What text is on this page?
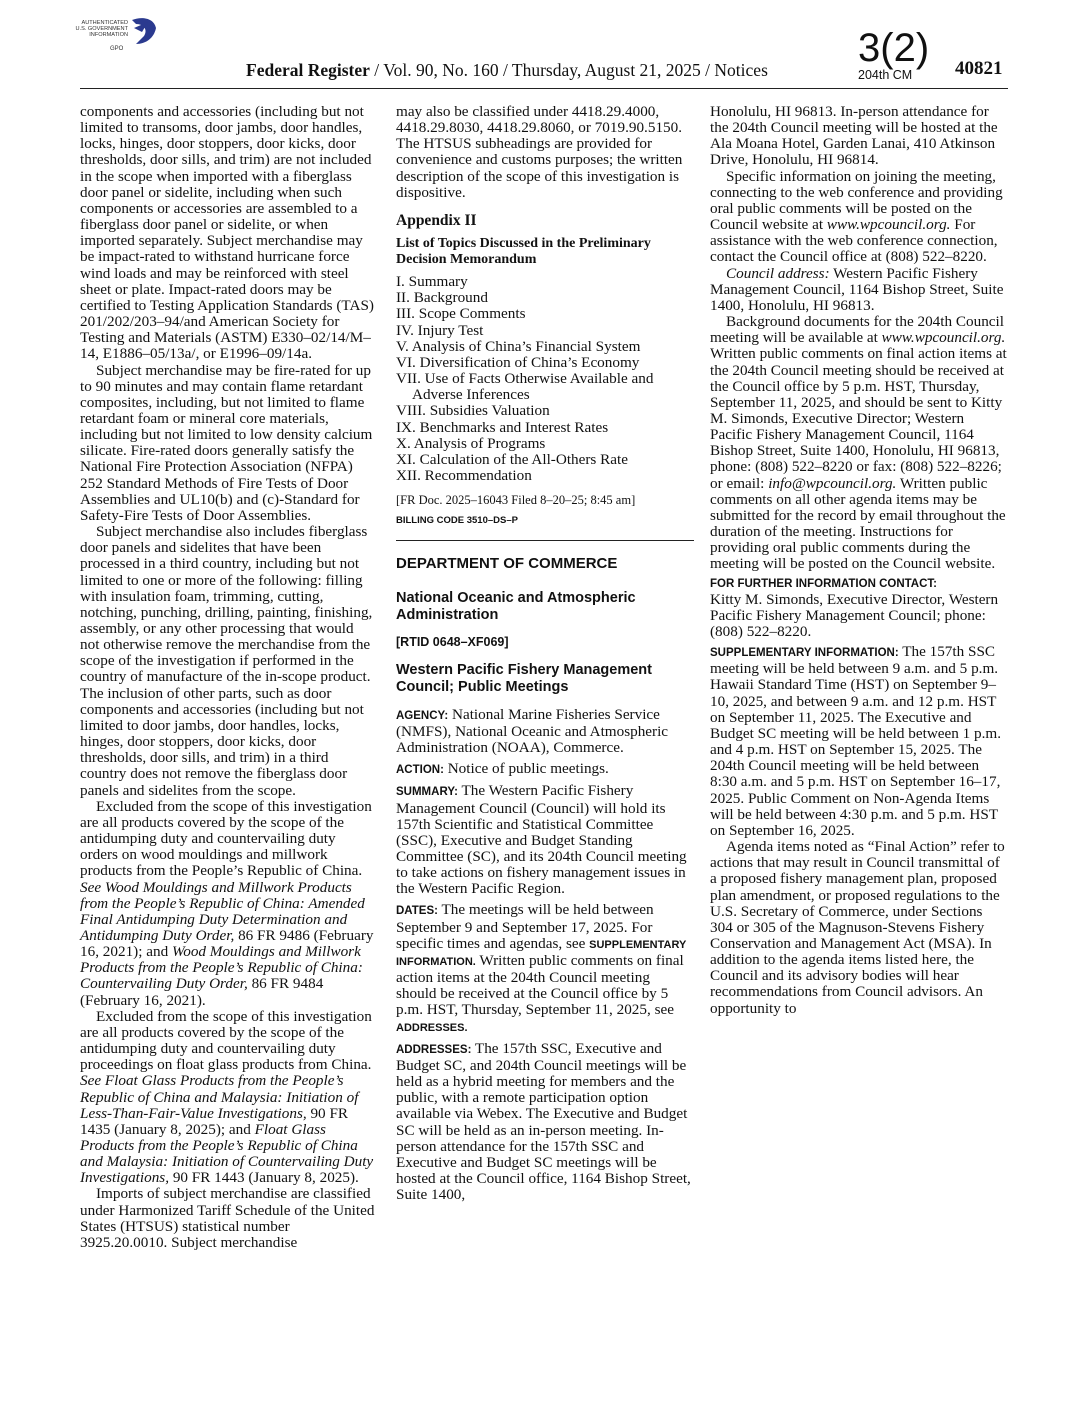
AUTHENTICATED U.S. GOVERNMENT INFORMATION
GPO
Federal Register / Vol. 90, No. 160 / Thursday, August 21, 2025 / Notices 3(2)
204th CM 40821

components and accessories (including but not limited to transoms, door jambs, door handles, locks, hinges, door stoppers, door kicks, door thresholds, door sills, and trim) are not included in the scope when imported with a fiberglass door panel or sidelite, including when such components or accessories are assembled to a fiberglass door panel or sidelite, or when imported separately. Subject merchandise may be impact-rated to withstand hurricane force wind loads and may be reinforced with steel sheet or plate. Impact-rated doors may be certified to Testing Application Standards (TAS) 201/202/203–94/and American Society for Testing and Materials (ASTM) E330–02/14/M–14, E1886–05/13a/, or E1996–09/14a.

Subject merchandise may be fire-rated for up to 90 minutes and may contain flame retardant composites, including, but not limited to flame retardant foam or mineral core materials, including but not limited to low density calcium silicate. Fire-rated doors generally satisfy the National Fire Protection Association (NFPA) 252 Standard Methods of Fire Tests of Door Assemblies and UL10(b) and (c)-Standard for Safety-Fire Tests of Door Assemblies.

Subject merchandise also includes fiberglass door panels and sidelites that have been processed in a third country, including but not limited to one or more of the following: filling with insulation foam, trimming, cutting, notching, punching, drilling, painting, finishing, assembly, or any other processing that would not otherwise remove the merchandise from the scope of the investigation if performed in the country of manufacture of the in-scope product. The inclusion of other parts, such as door components and accessories (including but not limited to door jambs, door handles, locks, hinges, door stoppers, door kicks, door thresholds, door sills, and trim) in a third country does not remove the fiberglass door panels and sidelites from the scope.

Excluded from the scope of this investigation are all products covered by the scope of the antidumping duty and countervailing duty orders on wood mouldings and millwork products from the People’s Republic of China. See Wood Mouldings and Millwork Products from the People’s Republic of China: Amended Final Antidumping Duty Determination and Antidumping Duty Order, 86 FR 9486 (February 16, 2021); and Wood Mouldings and Millwork Products from the People’s Republic of China: Countervailing Duty Order, 86 FR 9484 (February 16, 2021).

Excluded from the scope of this investigation are all products covered by the scope of the antidumping duty and countervailing duty proceedings on float glass products from China. See Float Glass Products from the People’s Republic of China and Malaysia: Initiation of Less-Than-Fair-Value Investigations, 90 FR 1435 (January 8, 2025); and Float Glass Products from the People’s Republic of China and Malaysia: Initiation of Countervailing Duty Investigations, 90 FR 1443 (January 8, 2025).

Imports of subject merchandise are classified under Harmonized Tariff Schedule of the United States (HTSUS) statistical number 3925.20.0010. Subject merchandise

may also be classified under 4418.29.4000, 4418.29.8030, 4418.29.8060, or 7019.90.5150. The HTSUS subheadings are provided for convenience and customs purposes; the written description of the scope of this investigation is dispositive.

Appendix II
List of Topics Discussed in the Preliminary Decision Memorandum
I. Summary
II. Background
III. Scope Comments
IV. Injury Test
V. Analysis of China’s Financial System
VI. Diversification of China’s Economy
VII. Use of Facts Otherwise Available and
Adverse Inferences
VIII. Subsidies Valuation
IX. Benchmarks and Interest Rates
X. Analysis of Programs
XI. Calculation of the All-Others Rate
XII. Recommendation
[FR Doc. 2025–16043 Filed 8–20–25; 8:45 am]
BILLING CODE 3510–DS–P
DEPARTMENT OF COMMERCE
National Oceanic and Atmospheric Administration
[RTID 0648–XF069]
Western Pacific Fishery Management Council; Public Meetings

AGENCY: National Marine Fisheries Service (NMFS), National Oceanic and Atmospheric Administration (NOAA), Commerce.

ACTION: Notice of public meetings.

SUMMARY: The Western Pacific Fishery Management Council (Council) will hold its 157th Scientific and Statistical Committee (SSC), Executive and Budget Standing Committee (SC), and its 204th Council meeting to take actions on fishery management issues in the Western Pacific Region.

DATES: The meetings will be held between September 9 and September 17, 2025. For specific times and agendas, see SUPPLEMENTARY INFORMATION. Written public comments on final action items at the 204th Council meeting should be received at the Council office by 5 p.m. HST, Thursday, September 11, 2025, see ADDRESSES.

ADDRESSES: The 157th SSC, Executive and Budget SC, and 204th Council meetings will be held as a hybrid meeting for members and the public, with a remote participation option available via Webex. The Executive and Budget SC will be held as an in-person meeting. In-person attendance for the 157th SSC and Executive and Budget SC meetings will be hosted at the Council office, 1164 Bishop Street, Suite 1400,

Honolulu, HI 96813. In-person attendance for the 204th Council meeting will be hosted at the Ala Moana Hotel, Garden Lanai, 410 Atkinson Drive, Honolulu, HI 96814.

Specific information on joining the meeting, connecting to the web conference and providing oral public comments will be posted on the Council website at www.wpcouncil.org. For assistance with the web conference connection, contact the Council office at (808) 522–8220.

Council address: Western Pacific Fishery Management Council, 1164 Bishop Street, Suite 1400, Honolulu, HI 96813.

Background documents for the 204th Council meeting will be available at www.wpcouncil.org. Written public comments on final action items at the 204th Council meeting should be received at the Council office by 5 p.m. HST, Thursday, September 11, 2025, and should be sent to Kitty M. Simonds, Executive Director; Western Pacific Fishery Management Council, 1164 Bishop Street, Suite 1400, Honolulu, HI 96813, phone: (808) 522–8220 or fax: (808) 522–8226; or email: info@wpcouncil.org. Written public comments on all other agenda items may be submitted for the record by email throughout the duration of the meeting. Instructions for providing oral public comments during the meeting will be posted on the Council website.

FOR FURTHER INFORMATION CONTACT:
Kitty M. Simonds, Executive Director, Western Pacific Fishery Management Council; phone: (808) 522–8220.

SUPPLEMENTARY INFORMATION: The 157th SSC meeting will be held between 9 a.m. and 5 p.m. Hawaii Standard Time (HST) on September 9–10, 2025, and between 9 a.m. and 12 p.m. HST on September 11, 2025. The Executive and Budget SC meeting will be held between 1 p.m. and 4 p.m. HST on September 15, 2025. The 204th Council meeting will be held between 8:30 a.m. and 5 p.m. HST on September 16–17, 2025. Public Comment on Non-Agenda Items will be held between 4:30 p.m. and 5 p.m. HST on September 16, 2025.

Agenda items noted as “Final Action” refer to actions that may result in Council transmittal of a proposed fishery management plan, proposed plan amendment, or proposed regulations to the U.S. Secretary of Commerce, under Sections 304 or 305 of the Magnuson-Stevens Fishery Conservation and Management Act (MSA). In addition to the agenda items listed here, the Council and its advisory bodies will hear recommendations from Council advisors. An opportunity to
